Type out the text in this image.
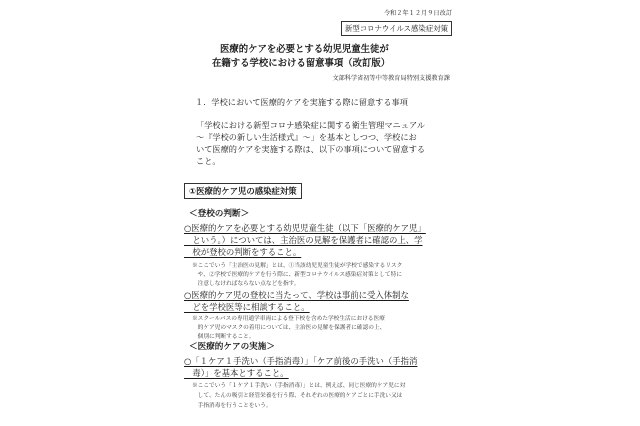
令和２年１２月９日改訂
新型コロナウイルス感染症対策
医療的ケアを必要とする幼児児童生徒が
在籍する学校における留意事項（改訂版）
文部科学省初等中等教育局特別支援教育課
１．学校において医療的ケアを実施する際に留意する事項
「学校における新型コロナ感染症に関する衛生管理マニュアル
～『学校の新しい生活様式』～」を基本としつつ、学校にお
いて医療的ケアを実施する際は、以下の事項について留意する
こと。
①医療的ケア児の感染症対策
＜登校の判断＞
○医療的ケアを必要とする幼児児童生徒（以下「医療的ケア児」
　という。）については、主治医の見解を保護者に確認の上、学
　校が登校の判断をすること。
※ここでいう「主治医の見解」とは、①当該幼児児童生徒が学校で感染するリスク
　や、②学校で医療的ケアを行う際に、新型コロナウイルス感染症対策として特に
　注意しなければならない点などを指す。
○医療的ケア児の登校に当たって、学校は事前に受入体制な
　どを学校医等に相談すること。
※スクールバスの専用通学車両による登下校を含めた学校生活における医療
　的ケア児のマスクの着用については、主治医の見解を保護者に確認の上、
　個別に判断すること。
＜医療的ケアの実施＞
○「１ケア１手洗い（手指消毒）」「ケア前後の手洗い（手指消
　毒）」を基本とすること。
※ここでいう「１ケア１手洗い（手指消毒）」とは、例えば、同じ医療的ケア児に対
　して、たんの吸引と経管栄養を行う際、それぞれの医療的ケアごとに手洗い又は
　手指消毒を行うことをいう。
